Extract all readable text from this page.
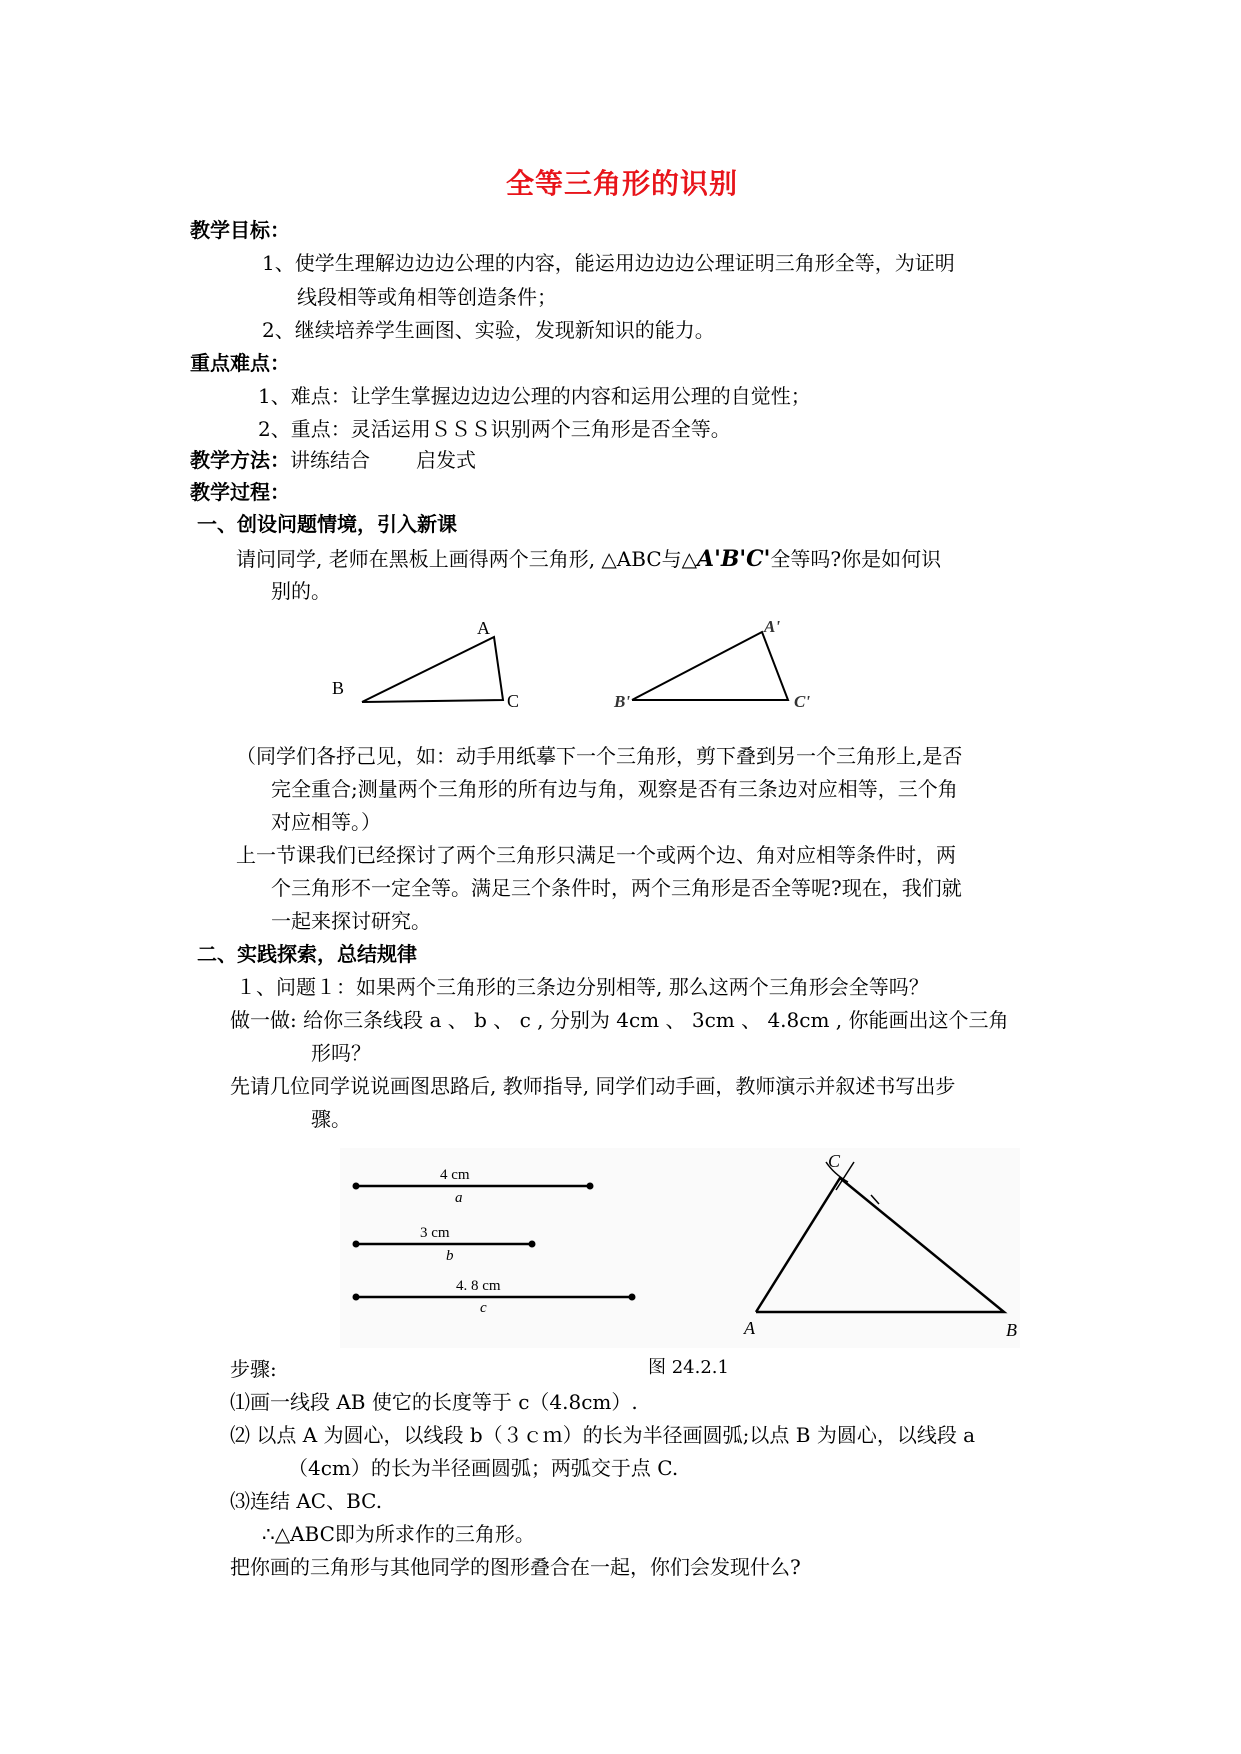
全等三角形的识别
教学目标：
1、使学生理解边边边公理的内容，能运用边边边公理证明三角形全等，为证明
线段相等或角相等创造条件；
2、继续培养学生画图、实验，发现新知识的能力。
重点难点：
1、难点：让学生掌握边边边公理的内容和运用公理的自觉性；
2、重点：灵活运用ＳＳＳ识别两个三角形是否全等。
教学方法：讲练结合 启发式
教学过程：
一、创设问题情境，引入新课
请问同学, 老师在黑板上画得两个三角形, △ABC与△A'B'C'全等吗?你是如何识
别的。
A
B
C
A'
B'	C'
（同学们各抒己见，如：动手用纸摹下一个三角形，剪下叠到另一个三角形上,是否
完全重合;测量两个三角形的所有边与角，观察是否有三条边对应相等，三个角
对应相等。）
上一节课我们已经探讨了两个三角形只满足一个或两个边、角对应相等条件时，两
个三角形不一定全等。满足三个条件时，两个三角形是否全等呢?现在，我们就
一起来探讨研究。
二、实践探索，总结规律
１、问题１：如果两个三角形的三条边分别相等, 那么这两个三角形会全等吗？
做一做: 给你三条线段 a 、 b 、 c , 分别为 4cm 、 3cm 、 4.8cm , 你能画出这个三角
形吗？
先请几位同学说说画图思路后, 教师指导, 同学们动手画，教师演示并叙述书写出步
骤。
4 cm
a
3 cm
b
4. 8 cm
c
C
A	B
步骤:	图 24.2.1
⑴画一线段 AB 使它的长度等于 c（4.8cm）.
⑵ 以点 A 为圆心，以线段 b（３ｃｍ）的长为半径画圆弧;以点 B 为圆心，以线段 a
（4cm）的长为半径画圆弧；两弧交于点 C.
⑶连结 AC、BC.
∴△ABC即为所求作的三角形。
把你画的三角形与其他同学的图形叠合在一起，你们会发现什么?
